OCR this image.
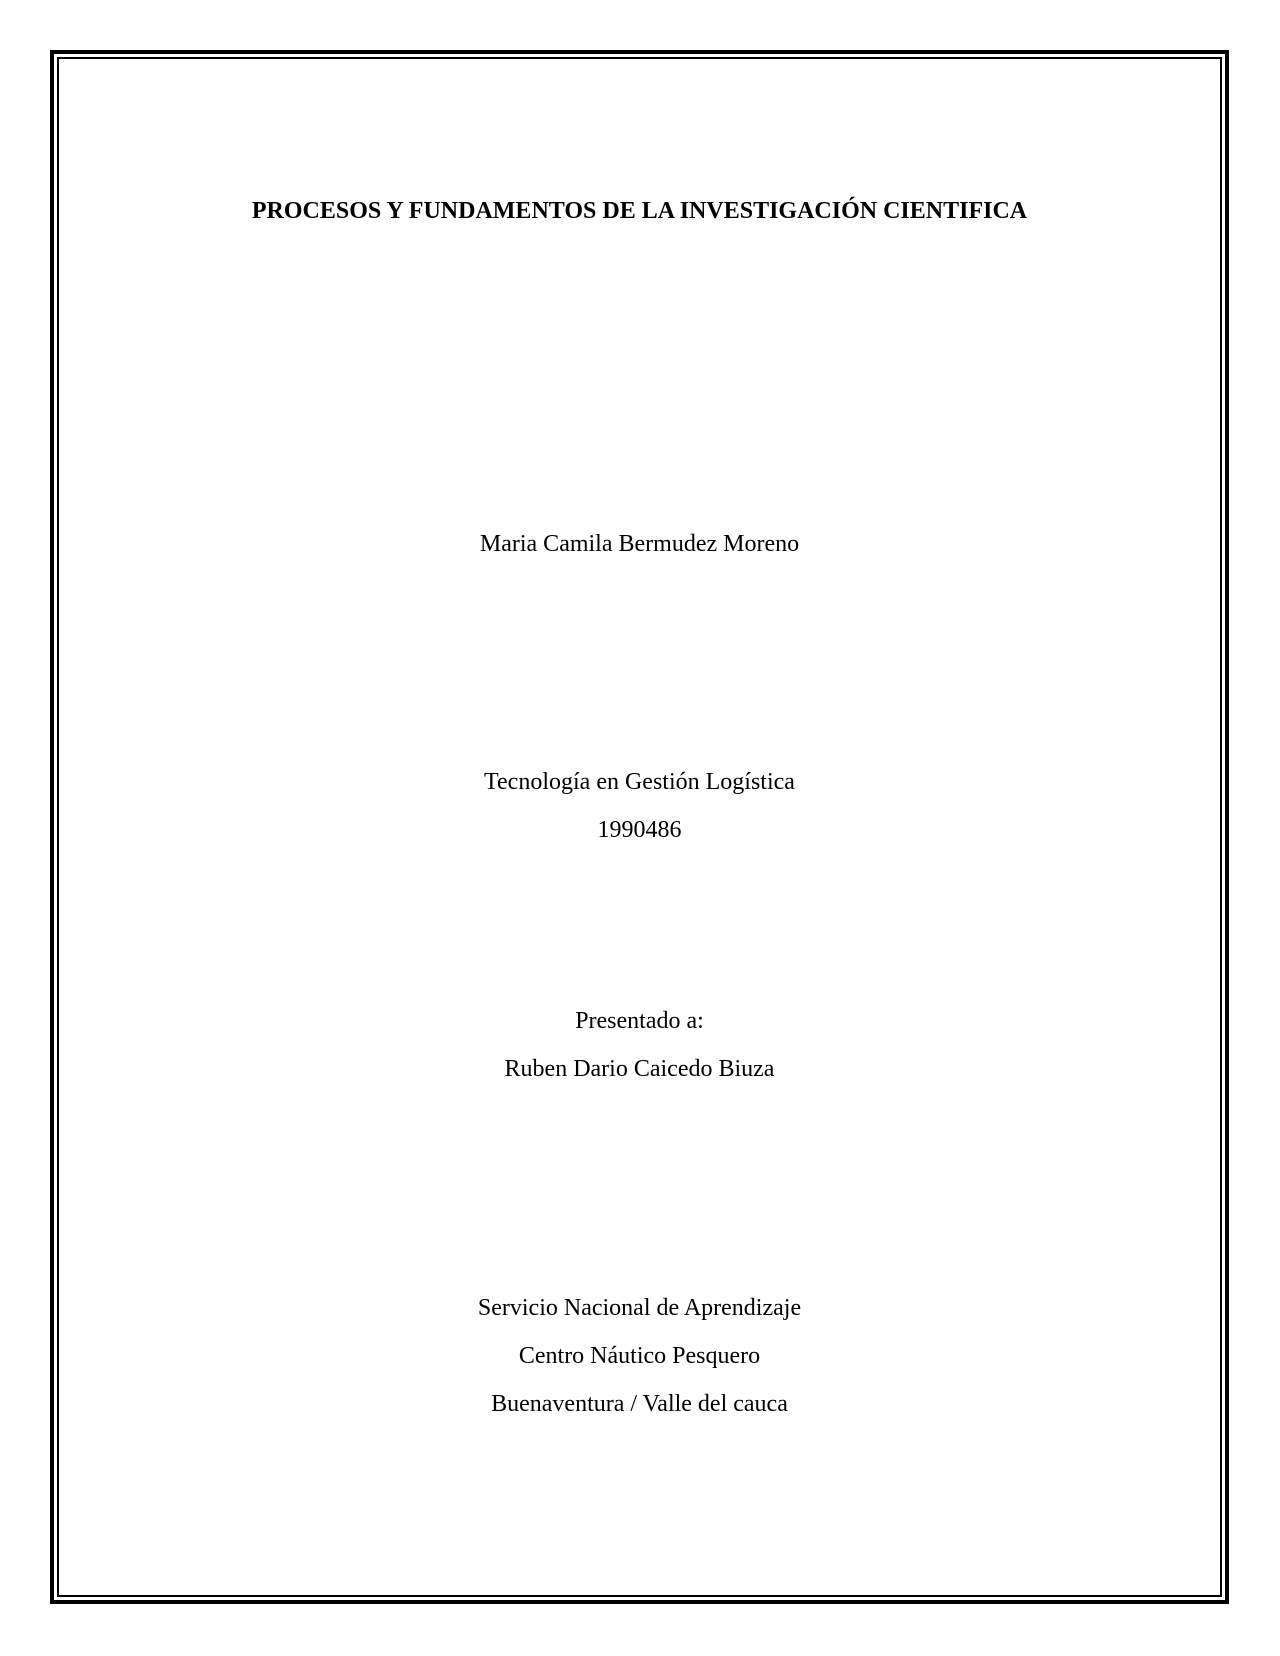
PROCESOS Y FUNDAMENTOS DE LA INVESTIGACIÓN CIENTIFICA
Maria Camila Bermudez Moreno
Tecnología en Gestión Logística
1990486
Presentado a:
Ruben Dario Caicedo Biuza
Servicio Nacional de Aprendizaje
Centro Náutico Pesquero
Buenaventura / Valle del cauca
